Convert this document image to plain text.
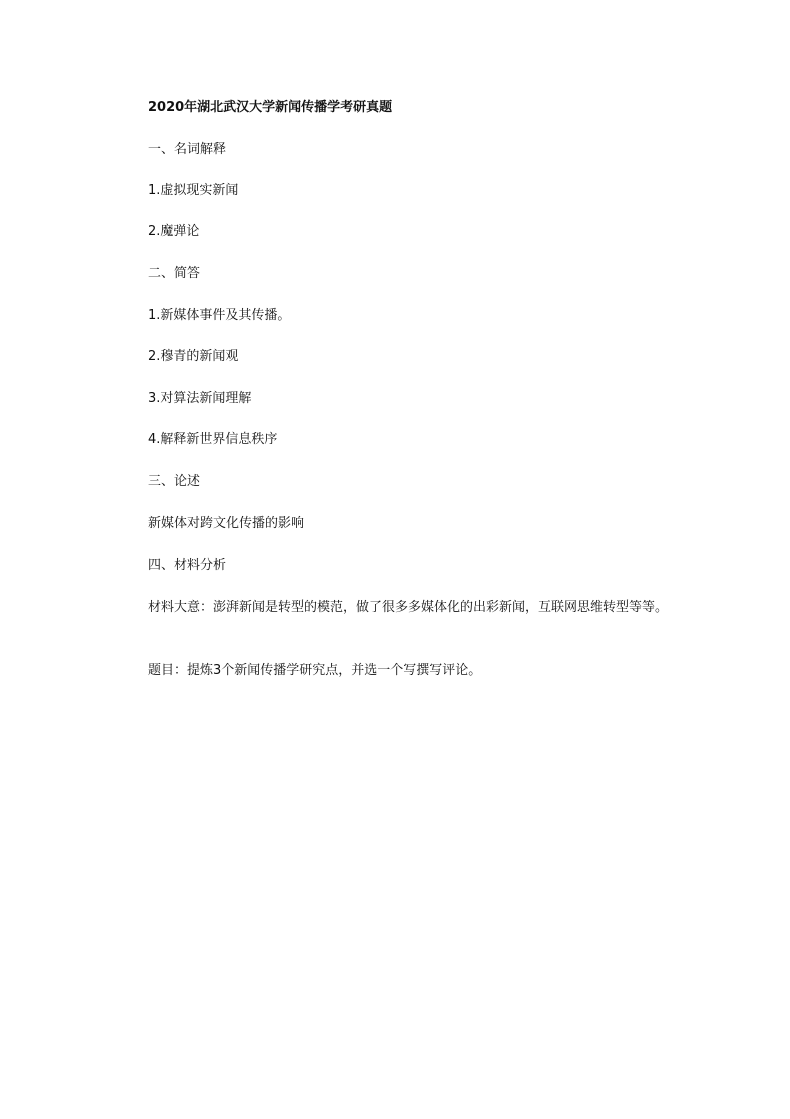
2020年湖北武汉大学新闻传播学考研真题
一、名词解释
1.虚拟现实新闻
2.魔弹论
二、简答
1.新媒体事件及其传播。
2.穆青的新闻观
3.对算法新闻理解
4.解释新世界信息秩序
三、论述
新媒体对跨文化传播的影响
四、材料分析
材料大意：澎湃新闻是转型的模范，做了很多多媒体化的出彩新闻，互联网思维转型等等。
题目：提炼3个新闻传播学研究点，并选一个写撰写评论。
